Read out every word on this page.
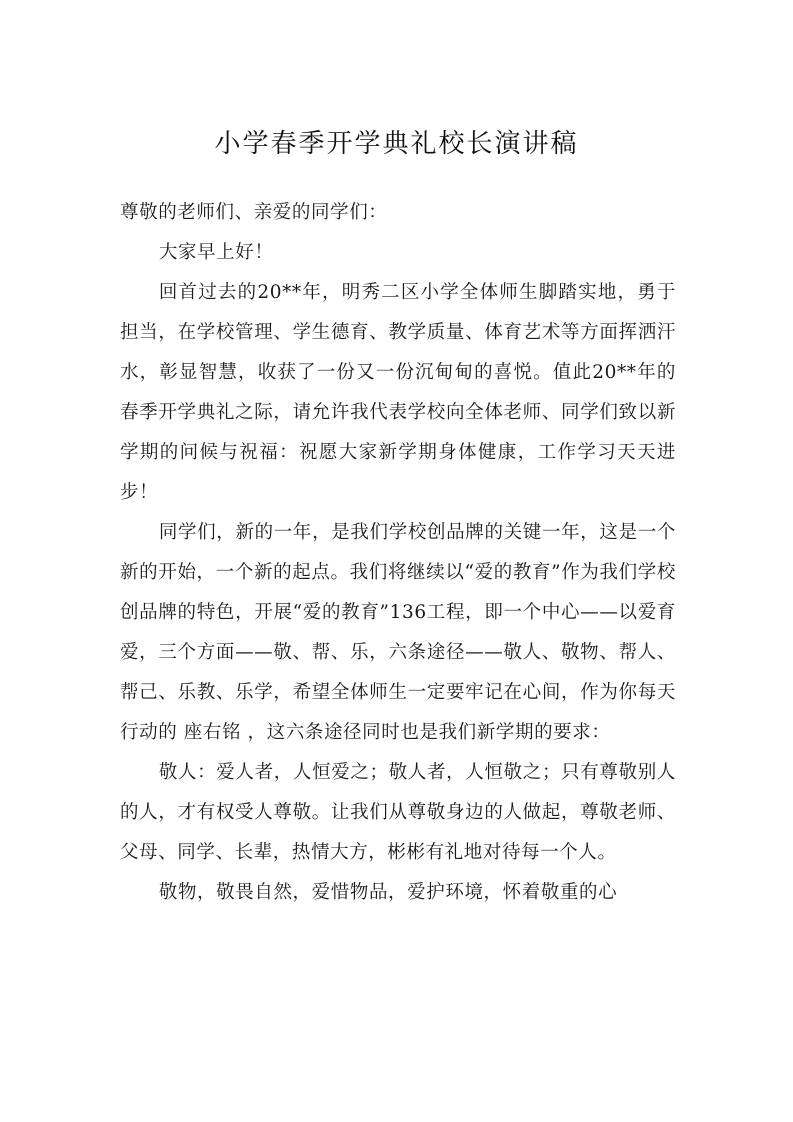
小学春季开学典礼校长演讲稿

尊敬的老师们、亲爱的同学们：

大家早上好！

回首过去的20**年，明秀二区小学全体师生脚踏实地，勇于担当，在学校管理、学生德育、教学质量、体育艺术等方面挥洒汗水，彰显智慧，收获了一份又一份沉甸甸的喜悦。值此20**年的春季开学典礼之际，请允许我代表学校向全体老师、同学们致以新学期的问候与祝福：祝愿大家新学期身体健康，工作学习天天进步！

同学们，新的一年，是我们学校创品牌的关键一年，这是一个新的开始，一个新的起点。我们将继续以“爱的教育”作为我们学校创品牌的特色，开展“爱的教育”136工程，即一个中心——以爱育爱，三个方面——敬、帮、乐，六条途径——敬人、敬物、帮人、帮己、乐教、乐学，希望全体师生一定要牢记在心间，作为你每天行动的 座右铭 ，这六条途径同时也是我们新学期的要求：

敬人：爱人者，人恒爱之；敬人者，人恒敬之；只有尊敬别人的人，才有权受人尊敬。让我们从尊敬身边的人做起，尊敬老师、父母、同学、长辈，热情大方，彬彬有礼地对待每一个人。

敬物，敬畏自然，爱惜物品，爱护环境，怀着敬重的心
